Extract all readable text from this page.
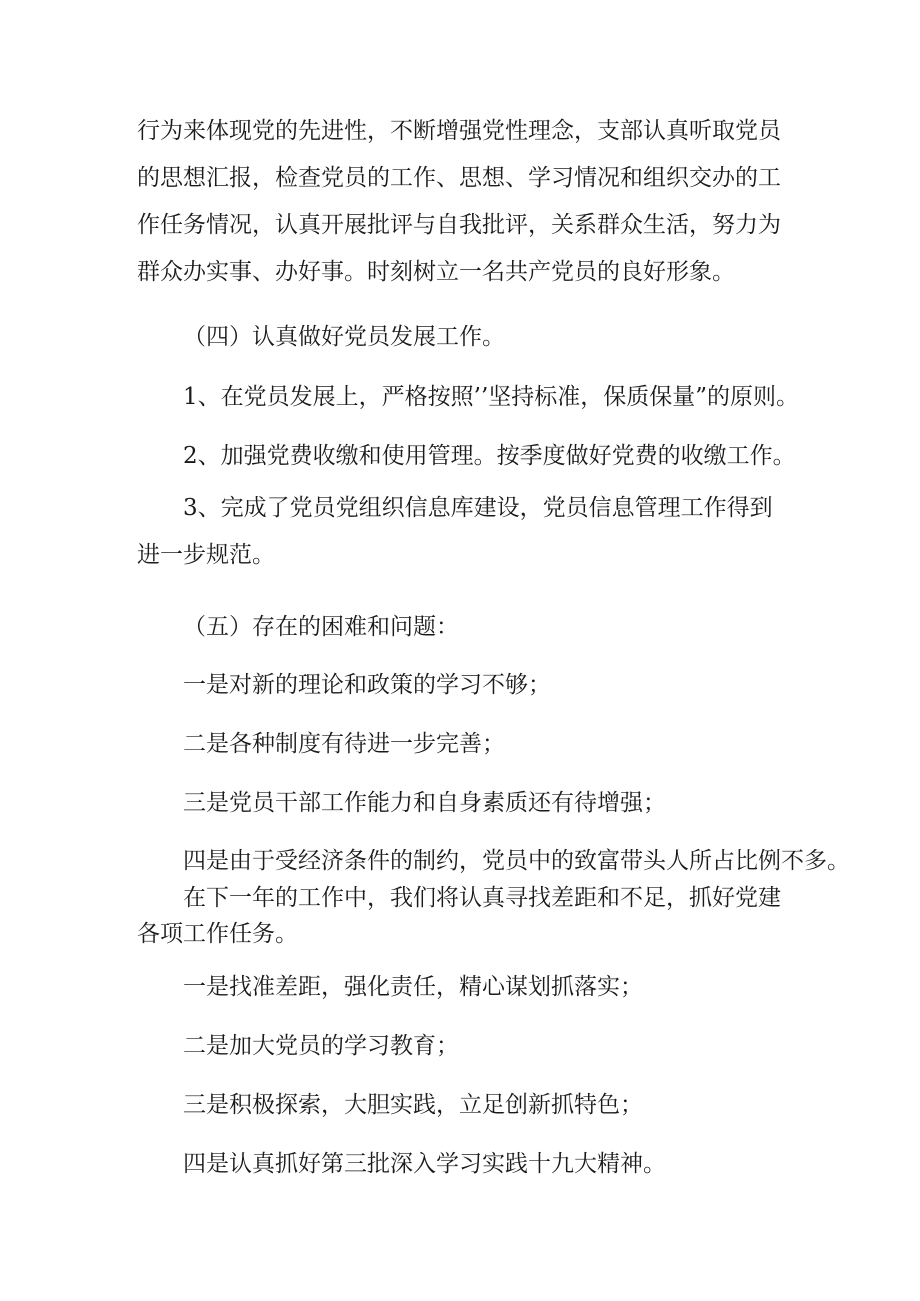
行为来体现党的先进性，不断增强党性理念，支部认真听取党员的思想汇报，检查党员的工作、思想、学习情况和组织交办的工作任务情况，认真开展批评与自我批评，关系群众生活，努力为群众办实事、办好事。时刻树立一名共产党员的良好形象。

（四）认真做好党员发展工作。

1、在党员发展上，严格按照’’坚持标准，保质保量”的原则。

2、加强党费收缴和使用管理。按季度做好党费的收缴工作。

3、完成了党员党组织信息库建设，党员信息管理工作得到进一步规范。

（五）存在的困难和问题：

一是对新的理论和政策的学习不够；

二是各种制度有待进一步完善；

三是党员干部工作能力和自身素质还有待增强；

四是由于受经济条件的制约，党员中的致富带头人所占比例不多。

在下一年的工作中，我们将认真寻找差距和不足，抓好党建各项工作任务。

一是找准差距，强化责任，精心谋划抓落实；

二是加大党员的学习教育；

三是积极探索，大胆实践，立足创新抓特色；

四是认真抓好第三批深入学习实践十九大精神。
